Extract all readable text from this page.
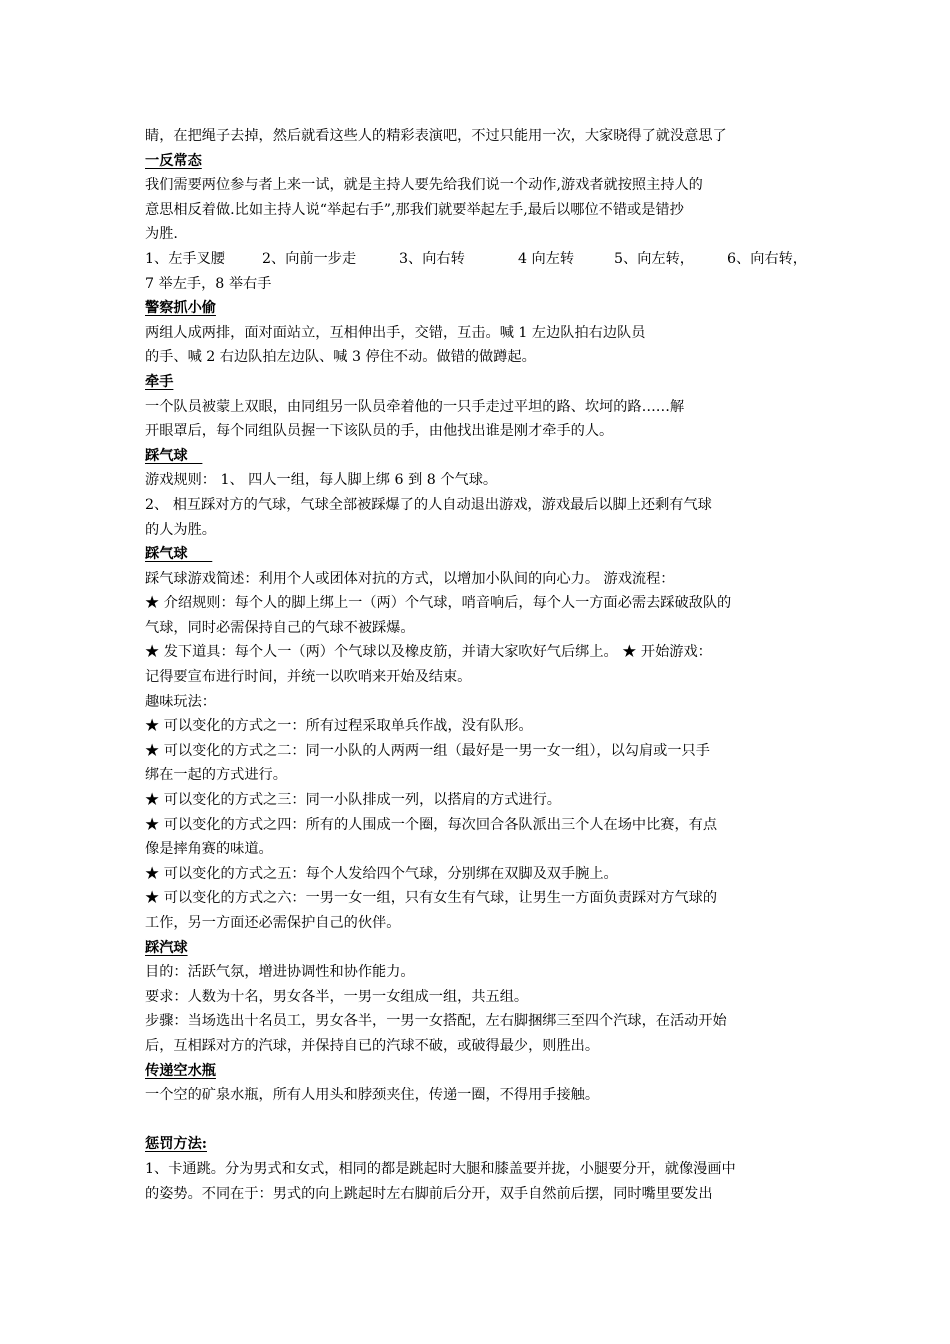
睛，在把绳子去掉，然后就看这些人的精彩表演吧，不过只能用一次，大家晓得了就没意思了

一反常态

我们需要两位参与者上来一试，就是主持人要先给我们说一个动作,游戏者就按照主持人的

意思相反着做.比如主持人说“举起右手”,那我们就要举起左手,最后以哪位不错或是错抄

为胜.

1、左手叉腰	2、向前一步走	3、向右转	4 向左转	5、向左转， 6、向右转，

7 举左手，8 举右手

警察抓小偷

两组人成两排，面对面站立，互相伸出手，交错，互击。喊 1 左边队拍右边队员

的手、喊 2 右边队拍左边队、喊 3 停住不动。做错的做蹲起。

牵手

一个队员被蒙上双眼，由同组另一队员牵着他的一只手走过平坦的路、坎坷的路……解

开眼罩后，每个同组队员握一下该队员的手，由他找出谁是刚才牵手的人。

踩气球

游戏规则： 1、 四人一组，每人脚上绑 6 到 8 个气球。

2、 相互踩对方的气球，气球全部被踩爆了的人自动退出游戏，游戏最后以脚上还剩有气球

的人为胜。

踩气球

踩气球游戏简述：利用个人或团体对抗的方式，以增加小队间的向心力。 游戏流程：

★ 介绍规则：每个人的脚上绑上一（两）个气球，哨音响后，每个人一方面必需去踩破敌队的

气球，同时必需保持自己的气球不被踩爆。

★ 发下道具：每个人一（两）个气球以及橡皮筋，并请大家吹好气后绑上。 ★ 开始游戏：

记得要宣布进行时间，并统一以吹哨来开始及结束。

趣味玩法：

★ 可以变化的方式之一：所有过程采取单兵作战，没有队形。

★ 可以变化的方式之二：同一小队的人两两一组（最好是一男一女一组），以勾肩或一只手

绑在一起的方式进行。

★ 可以变化的方式之三：同一小队排成一列，以搭肩的方式进行。

★ 可以变化的方式之四：所有的人围成一个圈，每次回合各队派出三个人在场中比赛，有点

像是摔角赛的味道。

★ 可以变化的方式之五：每个人发给四个气球，分别绑在双脚及双手腕上。

★ 可以变化的方式之六：一男一女一组，只有女生有气球，让男生一方面负责踩对方气球的

工作，另一方面还必需保护自己的伙伴。

踩汽球

目的：活跃气氛，增进协调性和协作能力。

要求：人数为十名，男女各半，一男一女组成一组，共五组。

步骤：当场选出十名员工，男女各半，一男一女搭配，左右脚捆绑三至四个汽球，在活动开始

后，互相踩对方的汽球，并保持自已的汽球不破，或破得最少，则胜出。

传递空水瓶

一个空的矿泉水瓶，所有人用头和脖颈夹住，传递一圈，不得用手接触。

惩罚方法:

1、卡通跳。分为男式和女式，相同的都是跳起时大腿和膝盖要并拢，小腿要分开，就像漫画中

的姿势。不同在于：男式的向上跳起时左右脚前后分开，双手自然前后摆，同时嘴里要发出
